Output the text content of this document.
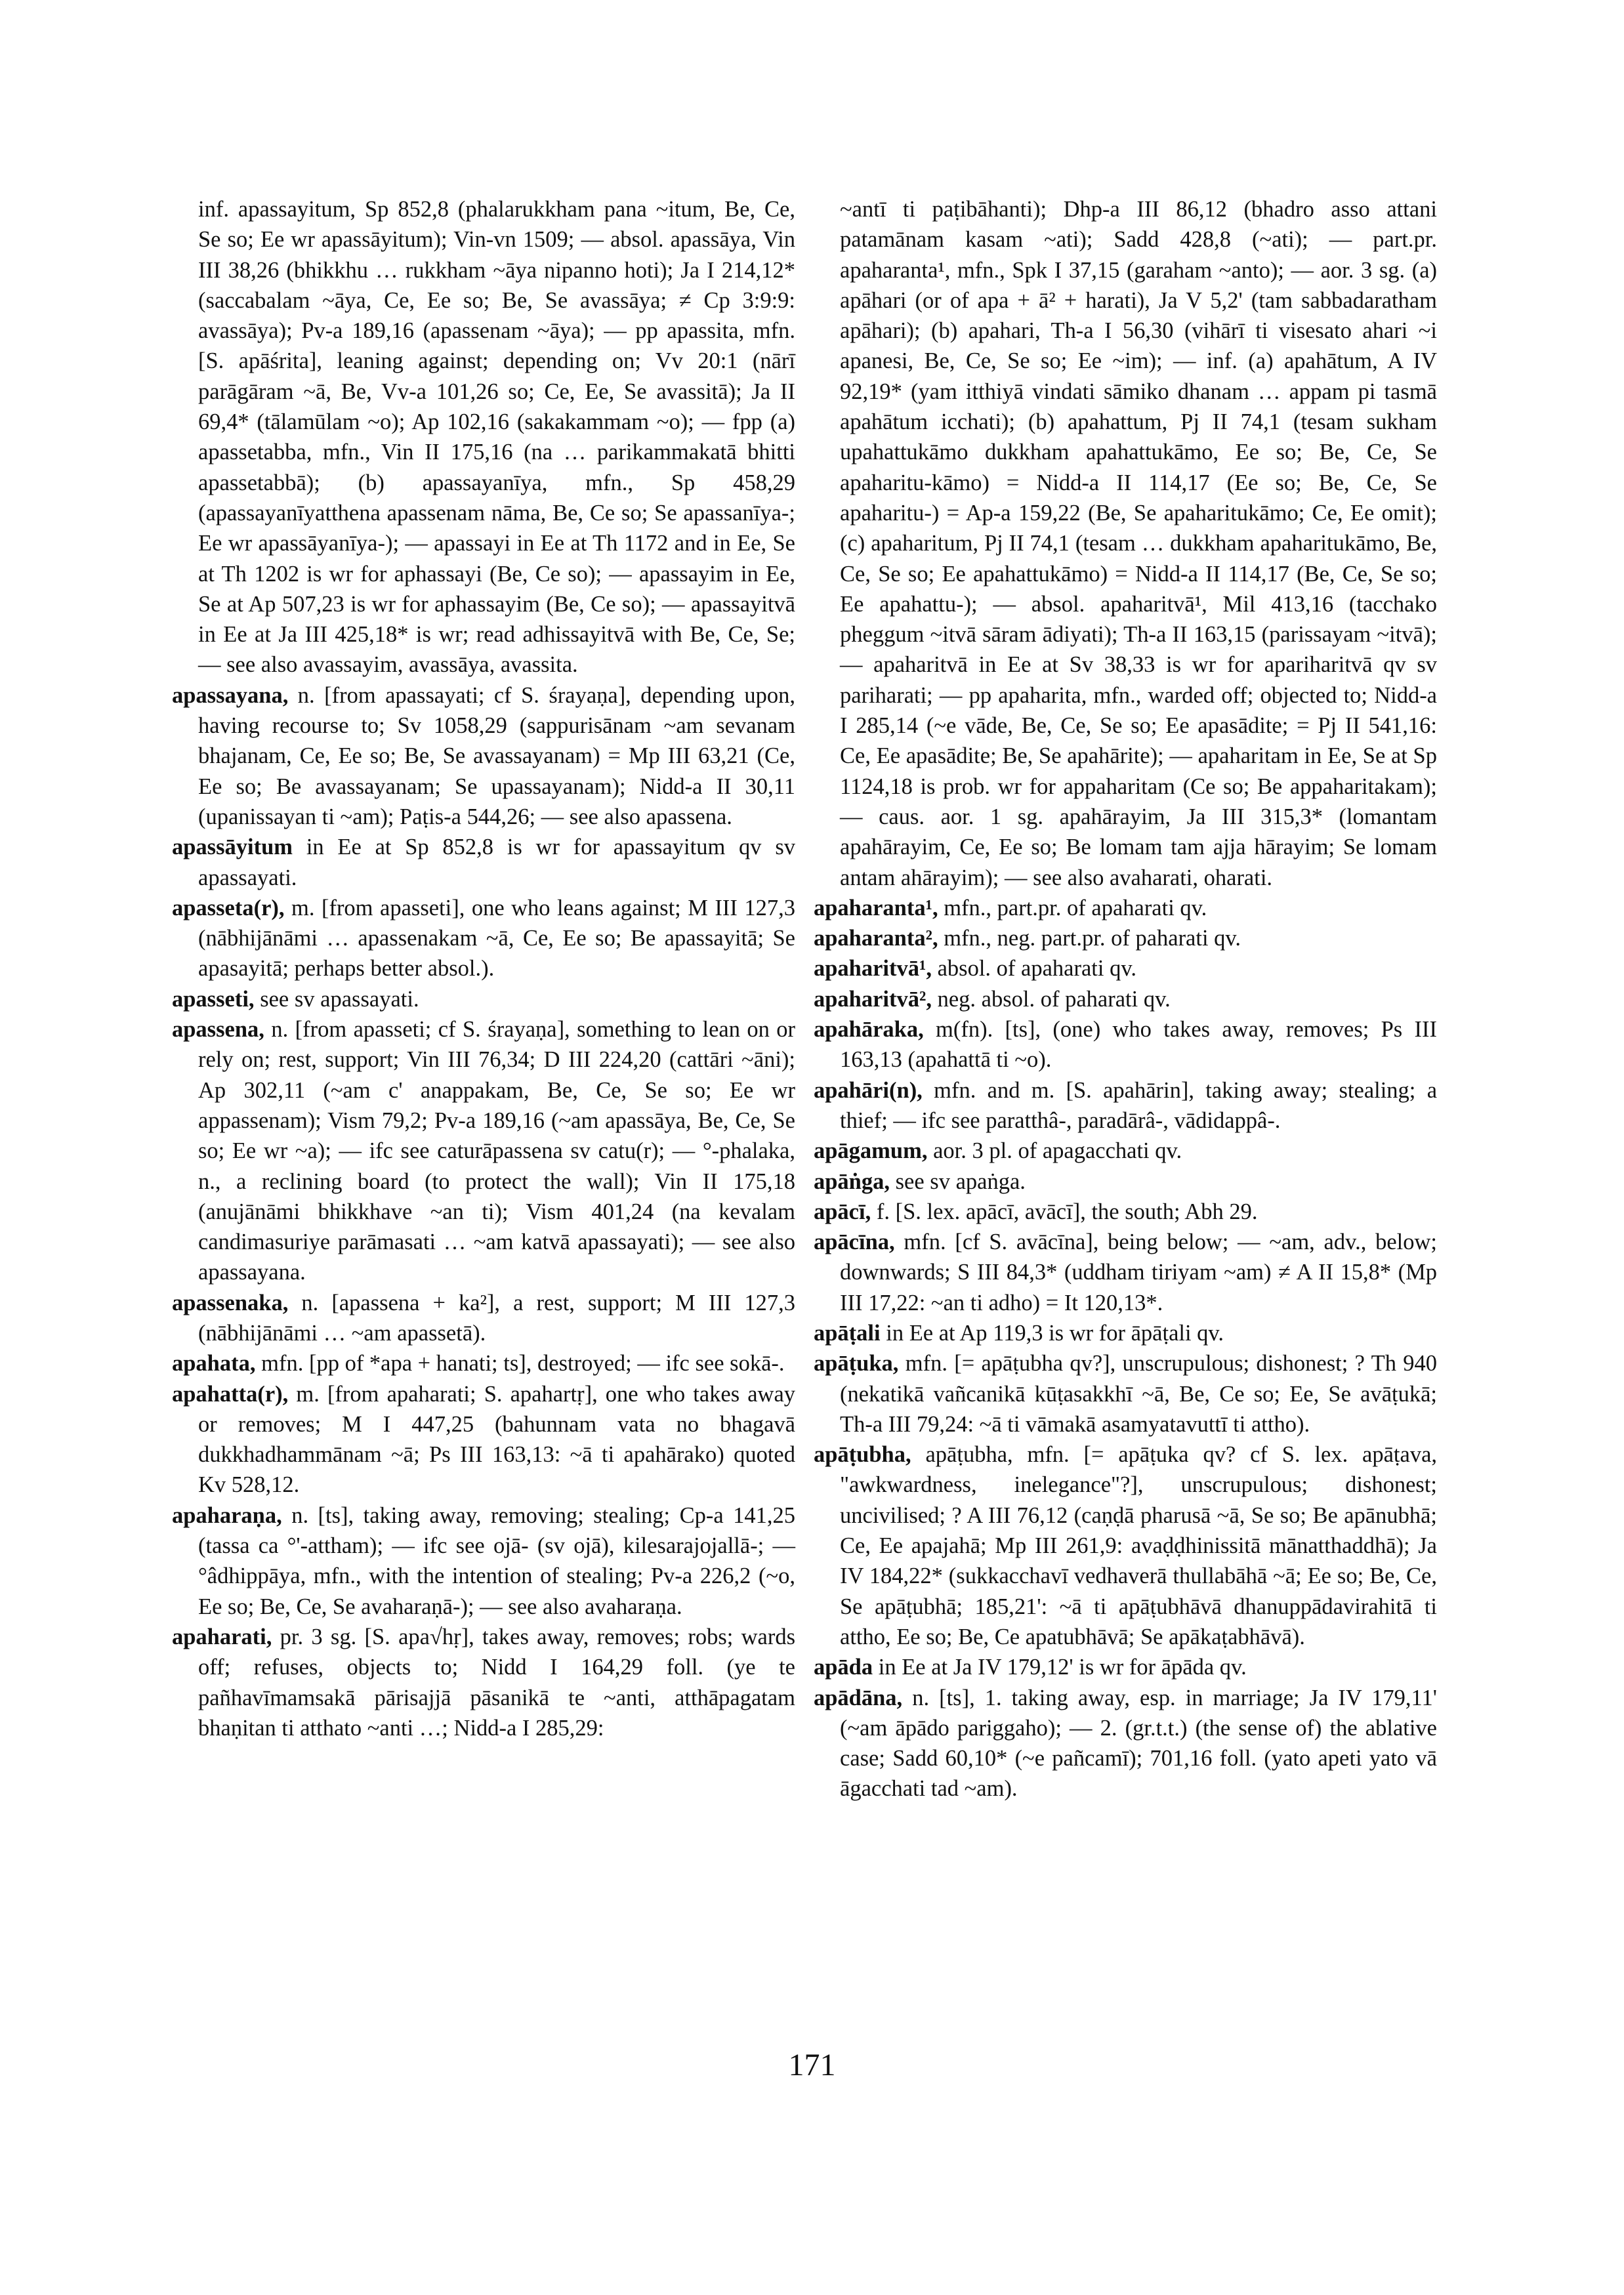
inf. apassayitum, Sp 852,8 (phalarukkham pana ~itum, Be, Ce, Se so; Ee wr apassāyitum); Vin-vn 1509; — absol. apassāya, Vin III 38,26 (bhikkhu … rukkham ~āya nipanno hoti); Ja I 214,12* (saccabalam ~āya, Ce, Ee so; Be, Se avassāya; ≠ Cp 3:9:9: avassāya); Pv-a 189,16 (apassenam ~āya); — pp apassita, mfn. [S. apāśrita], leaning against; depending on; Vv 20:1 (nārī parāgāram ~ā, Be, Vv-a 101,26 so; Ce, Ee, Se avassitā); Ja II 69,4* (tālamūlam ~o); Ap 102,16 (sakakammam ~o); — fpp (a) apassetabba, mfn., Vin II 175,16 (na … parikammakatā bhitti apassetabbā); (b) apassayanīya, mfn., Sp 458,29 (apassayanīyatthena apassenam nāma, Be, Ce so; Se apassanīya-; Ee wr apassāyanīya-); — apassayi in Ee at Th 1172 and in Ee, Se at Th 1202 is wr for aphassayi (Be, Ce so); — apassayim in Ee, Se at Ap 507,23 is wr for aphassayim (Be, Ce so); — apassayitvā in Ee at Ja III 425,18* is wr; read adhissayitvā with Be, Ce, Se; — see also avassayim, avassāya, avassita.

apassayana, n. [from apassayati; cf S. śrayaṇa], depending upon, having recourse to; Sv 1058,29 (sappurisānam ~am sevanam bhajanam, Ce, Ee so; Be, Se avassayanam) = Mp III 63,21 (Ce, Ee so; Be avassayanam; Se upassayanam); Nidd-a II 30,11 (upanissayan ti ~am); Paṭis-a 544,26; — see also apassena.

apassāyitum in Ee at Sp 852,8 is wr for apassayitum qv sv apassayati.

apasseta(r), m. [from apasseti], one who leans against; M III 127,3 (nābhijānāmi … apassenakam ~ā, Ce, Ee so; Be apassayitā; Se apasayitā; perhaps better absol.).

apasseti, see sv apassayati.

apassena, n. [from apasseti; cf S. śrayaṇa], something to lean on or rely on; rest, support; Vin III 76,34; D III 224,20 (cattāri ~āni); Ap 302,11 (~am c' anappakam, Be, Ce, Se so; Ee wr appassenam); Vism 79,2; Pv-a 189,16 (~am apassāya, Be, Ce, Se so; Ee wr ~a); — ifc see caturāpassena sv catu(r); — °-phalaka, n., a reclining board (to protect the wall); Vin II 175,18 (anujānāmi bhikkhave ~an ti); Vism 401,24 (na kevalam candimasuriye parāmasati … ~am katvā apassayati); — see also apassayana.

apassenaka, n. [apassena + ka²], a rest, support; M III 127,3 (nābhijānāmi … ~am apassetā).

apahata, mfn. [pp of *apa + hanati; ts], destroyed; — ifc see sokā-.

apahatta(r), m. [from apaharati; S. apahartṛ], one who takes away or removes; M I 447,25 (bahunnam vata no bhagavā dukkhadhammānam ~ā; Ps III 163,13: ~ā ti apahārako) quoted Kv 528,12.

apaharaṇa, n. [ts], taking away, removing; stealing; Cp-a 141,25 (tassa ca °'-attham); — ifc see ojā- (sv ojā), kilesarajojallā-; — °âdhippāya, mfn., with the intention of stealing; Pv-a 226,2 (~o, Ee so; Be, Ce, Se avaharaṇā-); — see also avaharaṇa.

apaharati, pr. 3 sg. [S. apa√hṛ], takes away, removes; robs; wards off; refuses, objects to; Nidd I 164,29 foll. (ye te pañhavīmamsakā pārisajjā pāsanikā te ~anti, atthāpagatam bhaṇitan ti atthato ~anti …; Nidd-a I 285,29:

~antī ti paṭibāhanti); Dhp-a III 86,12 (bhadro asso attani patamānam kasam ~ati); Sadd 428,8 (~ati); — part.pr. apaharanta¹, mfn., Spk I 37,15 (garaham ~anto); — aor. 3 sg. (a) apāhari (or of apa + ā² + harati), Ja V 5,2' (tam sabbadaratham apāhari); (b) apahari, Th-a I 56,30 (vihārī ti visesato ahari ~i apanesi, Be, Ce, Se so; Ee ~im); — inf. (a) apahātum, A IV 92,19* (yam itthiyā vindati sāmiko dhanam … appam pi tasmā apahātum icchati); (b) apahattum, Pj II 74,1 (tesam sukham upahattukāmo dukkham apahattukāmo, Ee so; Be, Ce, Se apaharitu-kāmo) = Nidd-a II 114,17 (Ee so; Be, Ce, Se apaharitu-) = Ap-a 159,22 (Be, Se apaharitukāmo; Ce, Ee omit); (c) apaharitum, Pj II 74,1 (tesam … dukkham apaharitukāmo, Be, Ce, Se so; Ee apahattukāmo) = Nidd-a II 114,17 (Be, Ce, Se so; Ee apahattu-); — absol. apaharitvā¹, Mil 413,16 (tacchako pheggum ~itvā sāram ādiyati); Th-a II 163,15 (parissayam ~itvā); — apaharitvā in Ee at Sv 38,33 is wr for apariharitvā qv sv pariharati; — pp apaharita, mfn., warded off; objected to; Nidd-a I 285,14 (~e vāde, Be, Ce, Se so; Ee apasādite; = Pj II 541,16: Ce, Ee apasādite; Be, Se apahārite); — apaharitam in Ee, Se at Sp 1124,18 is prob. wr for appaharitam (Ce so; Be appaharitakam); — caus. aor. 1 sg. apahārayim, Ja III 315,3* (lomantam apahārayim, Ce, Ee so; Be lomam tam ajja hārayim; Se lomam antam ahārayim); — see also avaharati, oharati.

apaharanta¹, mfn., part.pr. of apaharati qv.

apaharanta², mfn., neg. part.pr. of paharati qv.

apaharitvā¹, absol. of apaharati qv.

apaharitvā², neg. absol. of paharati qv.

apahāraka, m(fn). [ts], (one) who takes away, removes; Ps III 163,13 (apahattā ti ~o).

apahāri(n), mfn. and m. [S. apahārin], taking away; stealing; a thief; — ifc see paratthâ-, paradārâ-, vādidappâ-.

apāgamum, aor. 3 pl. of apagacchati qv.

apāṅga, see sv apaṅga.

apācī, f. [S. lex. apācī, avācī], the south; Abh 29.

apācīna, mfn. [cf S. avācīna], being below; — ~am, adv., below; downwards; S III 84,3* (uddham tiriyam ~am) ≠ A II 15,8* (Mp III 17,22: ~an ti adho) = It 120,13*.

apāṭali in Ee at Ap 119,3 is wr for āpāṭali qv.

apāṭuka, mfn. [= apāṭubha qv?], unscrupulous; dishonest; ? Th 940 (nekatikā vañcanikā kūṭasakkhī ~ā, Be, Ce so; Ee, Se avāṭukā; Th-a III 79,24: ~ā ti vāmakā asamyatavuttī ti attho).

apāṭubha, apāṭubha, mfn. [= apāṭuka qv? cf S. lex. apāṭava, "awkwardness, inelegance"?], unscrupulous; dishonest; uncivilised; ? A III 76,12 (caṇḍā pharusā ~ā, Se so; Be apānubhā; Ce, Ee apajahā; Mp III 261,9: avaḍḍhinissitā mānatthaddhā); Ja IV 184,22* (sukkacchavī vedhaverā thullabāhā ~ā; Ee so; Be, Ce, Se apāṭubhā; 185,21': ~ā ti apāṭubhāvā dhanuppādavirahitā ti attho, Ee so; Be, Ce apatubhāvā; Se apākaṭabhāvā).

apāda in Ee at Ja IV 179,12' is wr for āpāda qv.

apādāna, n. [ts], 1. taking away, esp. in marriage; Ja IV 179,11' (~am āpādo pariggaho); — 2. (gr.t.t.) (the sense of) the ablative case; Sadd 60,10* (~e pañcamī); 701,16 foll. (yato apeti yato vā āgacchati tad ~am).

171
